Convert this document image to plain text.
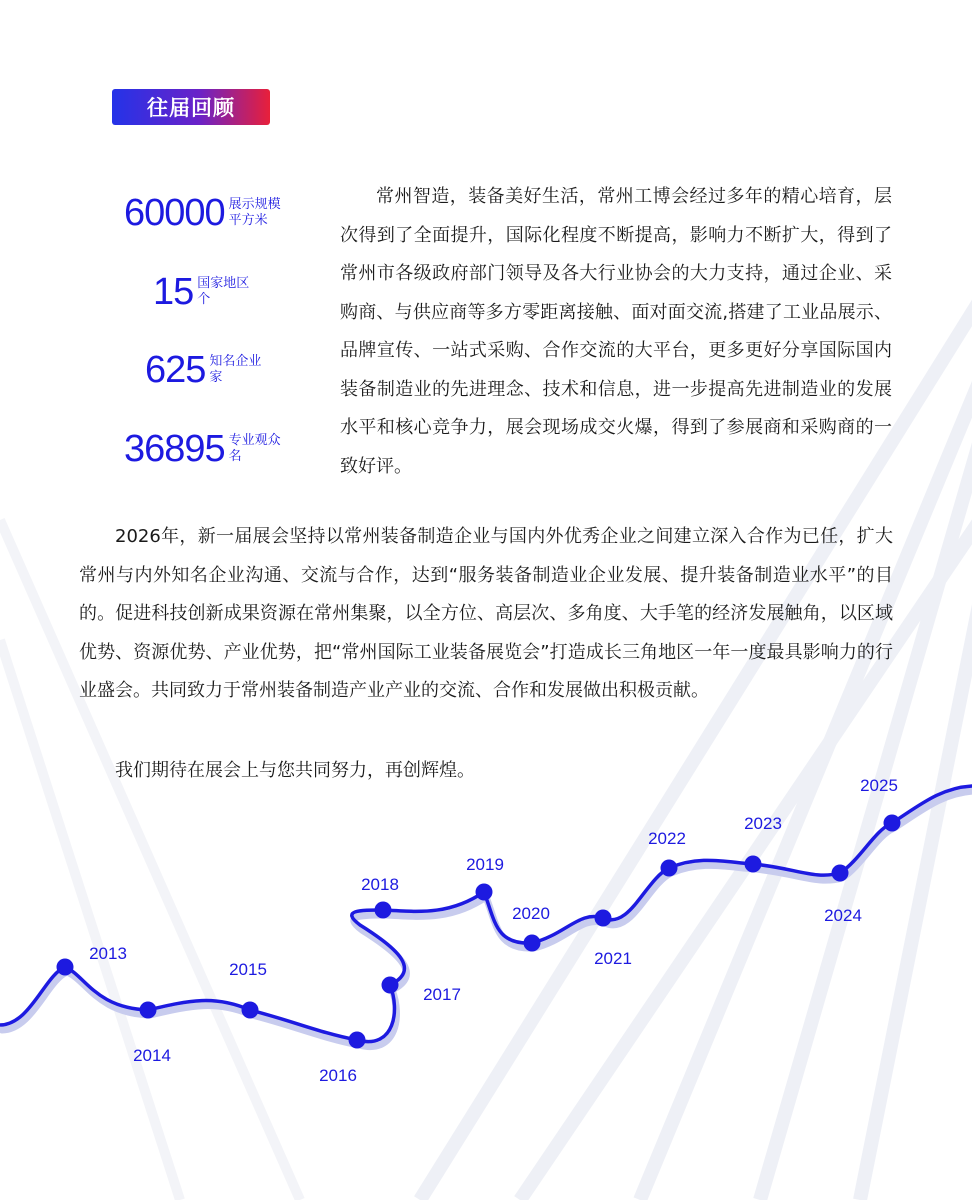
往届回顾
60000 展示规模
平方米
15 国家地区
个
625 知名企业
家
36895 专业观众
名
常州智造，装备美好生活，常州工博会经过多年的精心培育，层次得到了全面提升，国际化程度不断提高，影响力不断扩大，得到了常州市各级政府部门领导及各大行业协会的大力支持，通过企业、采购商、与供应商等多方零距离接触、面对面交流,搭建了工业品展示、品牌宣传、一站式采购、合作交流的大平台，更多更好分享国际国内装备制造业的先进理念、技术和信息，进一步提高先进制造业的发展水平和核心竞争力，展会现场成交火爆，得到了参展商和采购商的一致好评。
2026年，新一届展会坚持以常州装备制造企业与国内外优秀企业之间建立深入合作为已任，扩大常州与内外知名企业沟通、交流与合作，达到“服务装备制造业企业发展、提升装备制造业水平”的目的。促进科技创新成果资源在常州集聚，以全方位、高层次、多角度、大手笔的经济发展触角，以区域优势、资源优势、产业优势，把“常州国际工业装备展览会”打造成长三角地区一年一度最具影响力的行业盛会。共同致力于常州装备制造产业产业的交流、合作和发展做出积极贡献。
我们期待在展会上与您共同努力，再创辉煌。
2013
2014
2015
2016
2017
2018
2019
2020
2021
2022
2023
2024
2025
